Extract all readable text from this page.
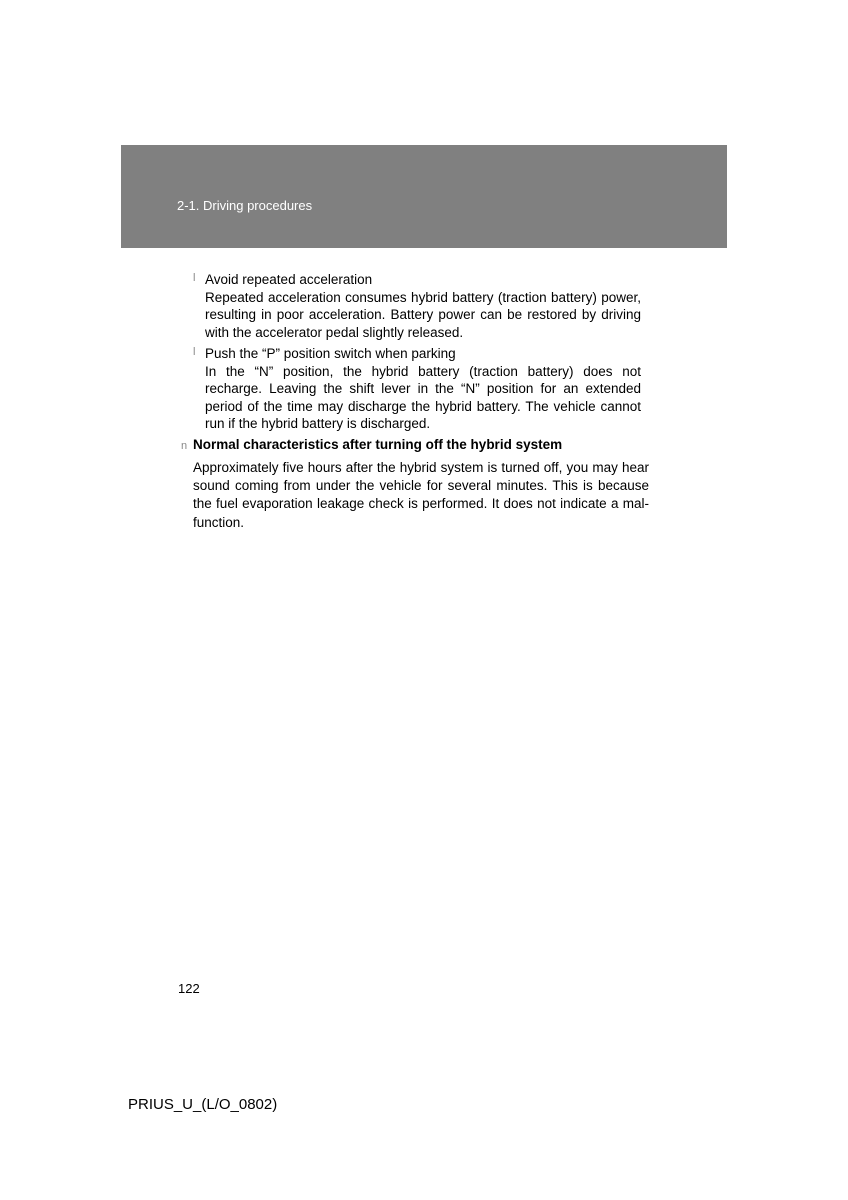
2-1. Driving procedures
l Avoid repeated acceleration
Repeated acceleration consumes hybrid battery (traction battery) power, resulting in poor acceleration. Battery power can be restored by driving with the accelerator pedal slightly released.
l Push the “P” position switch when parking
In the “N” position, the hybrid battery (traction battery) does not recharge. Leaving the shift lever in the “N” position for an extended period of the time may discharge the hybrid battery. The vehicle cannot run if the hybrid battery is discharged.
n Normal characteristics after turning off the hybrid system
Approximately five hours after the hybrid system is turned off, you may hear sound coming from under the vehicle for several minutes. This is because the fuel evaporation leakage check is performed. It does not indicate a mal-function.
122
PRIUS_U_(L/O_0802)
